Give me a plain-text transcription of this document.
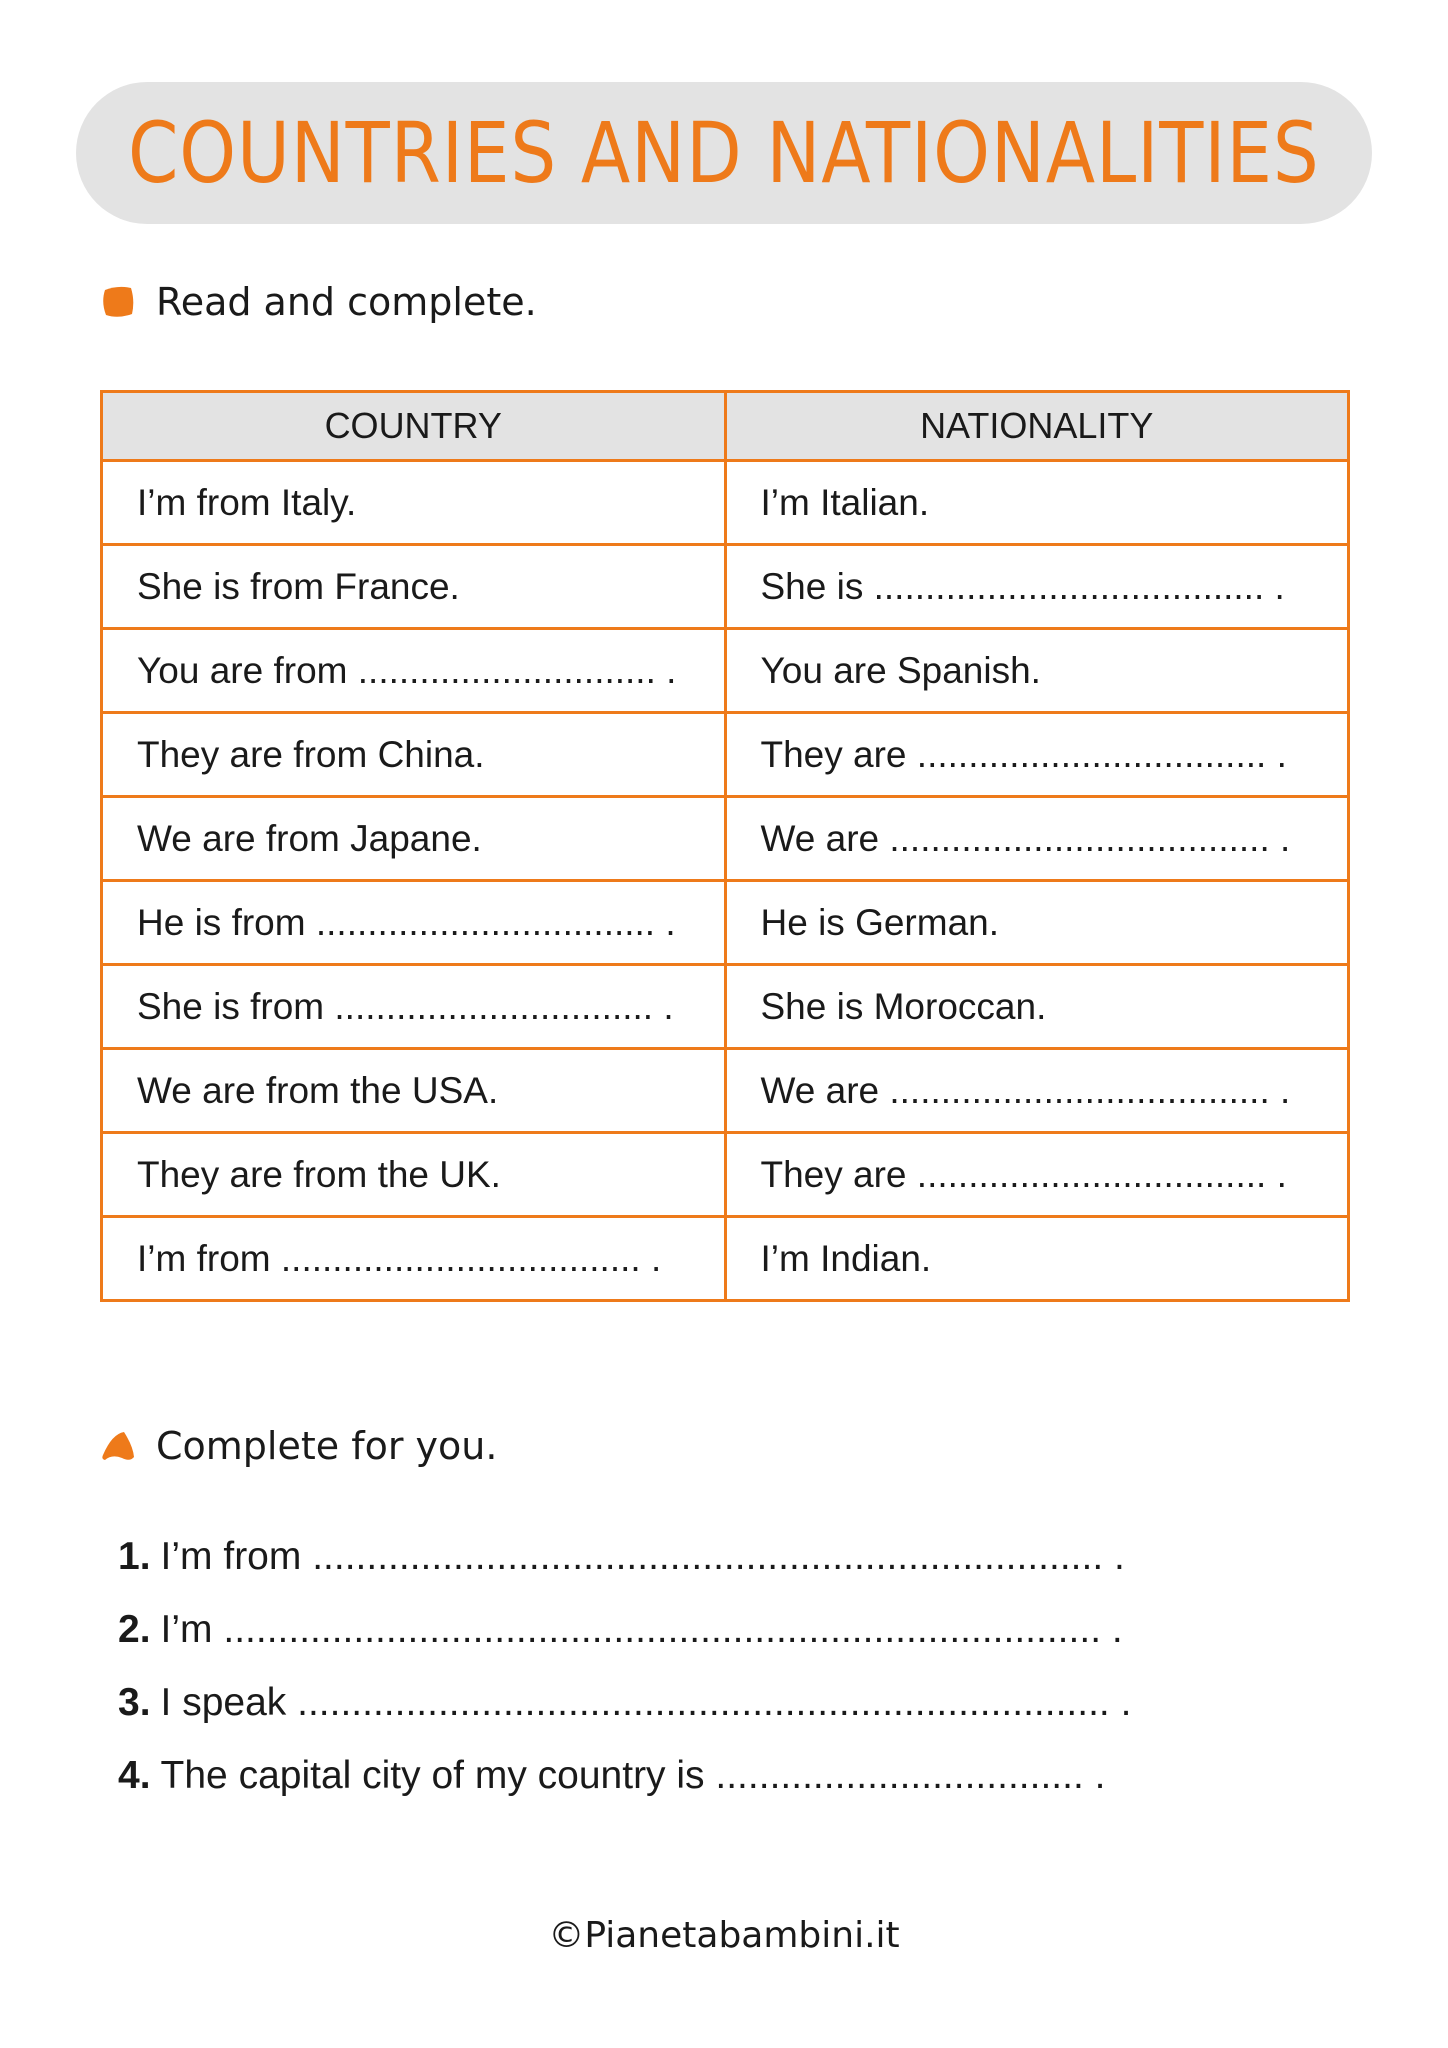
COUNTRIES AND NATIONALITIES
Read and complete.
COUNTRY	NATIONALITY
I’m from Italy.	I’m Italian.
She is from France.	She is ...................................... .
You are from ............................. .	You are Spanish.
They are from China.	They are .................................. .
We are from Japane.	We are ..................................... .
He is from ................................. .	He is German.
She is from ............................... .	She is Moroccan.
We are from the USA.	We are ..................................... .
They are from the UK.	They are .................................. .
I’m from ................................... .	I’m Indian.
Complete for you.
1. I’m from ......................................................................... .
2. I’m ................................................................................. .
3. I speak ........................................................................... .
4. The capital city of my country is .................................. .
©Pianetabambini.it
